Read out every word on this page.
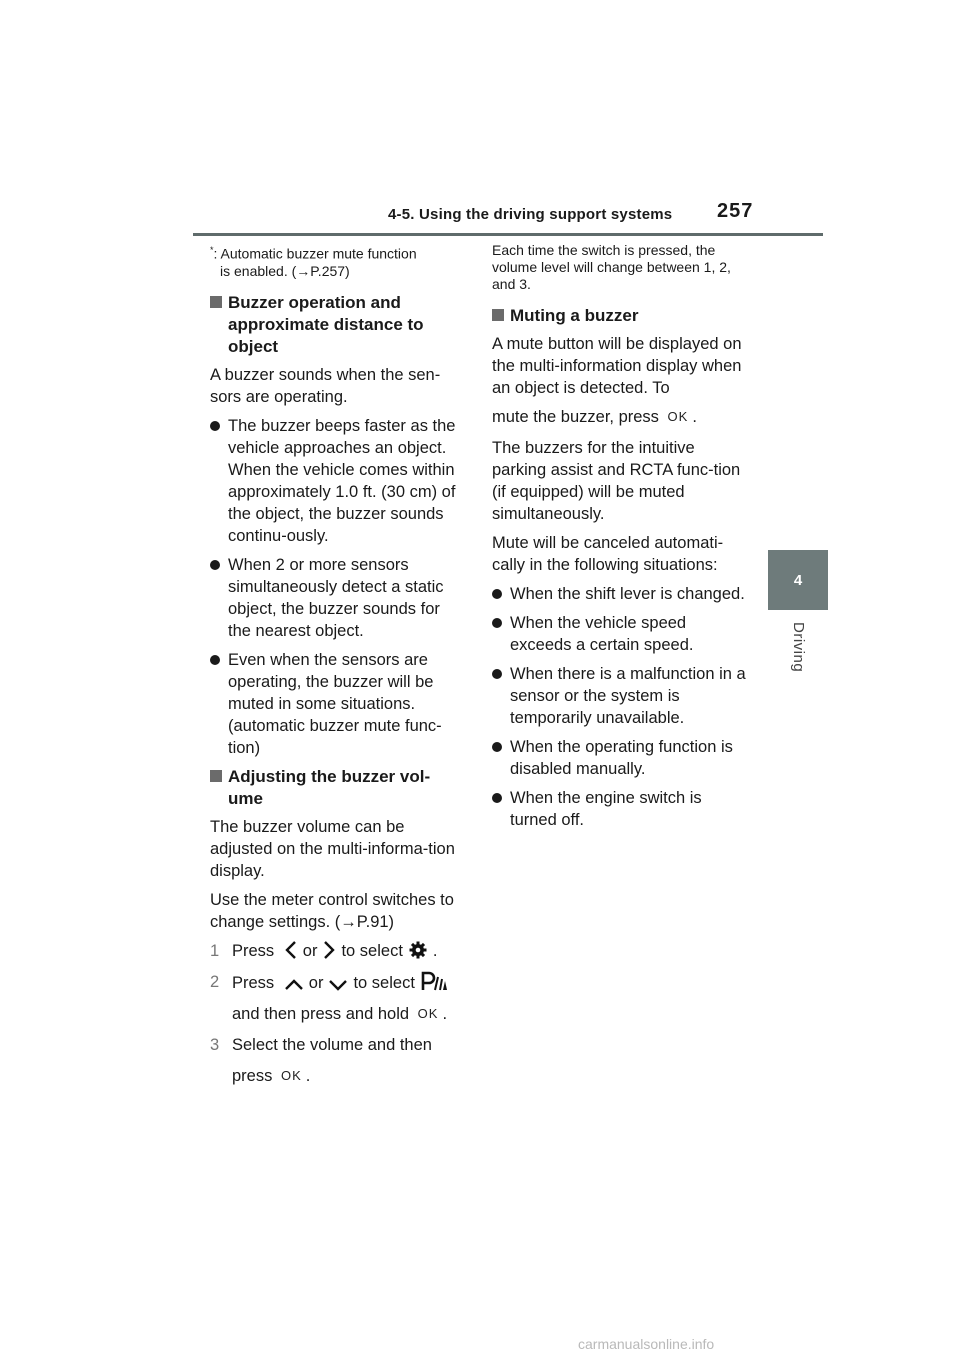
4-5. Using the driving support systems 257
4
Driving
*: Automatic buzzer mute function
is enabled. (→P.257)
Buzzer operation and approximate distance to object
A buzzer sounds when the sen-sors are operating.
The buzzer beeps faster as the vehicle approaches an object. When the vehicle comes within approximately 1.0 ft. (30 cm) of the object, the buzzer sounds continu-ously.
When 2 or more sensors simultaneously detect a static object, the buzzer sounds for the nearest object.
Even when the sensors are operating, the buzzer will be muted in some situations. (automatic buzzer mute func-tion)
Adjusting the buzzer vol-ume
The buzzer volume can be adjusted on the multi-informa-tion display.
Use the meter control switches to change settings. (→P.91)
1 Press or to select .
2 Press or to select
and then press and hold OK .
3 Select the volume and then
press OK .
Each time the switch is pressed, the volume level will change between 1, 2, and 3.
Muting a buzzer
A mute button will be displayed on the multi-information display when an object is detected. To
mute the buzzer, press OK .
The buzzers for the intuitive parking assist and RCTA func-tion (if equipped) will be muted simultaneously.
Mute will be canceled automati-cally in the following situations:
When the shift lever is changed.
When the vehicle speed exceeds a certain speed.
When there is a malfunction in a sensor or the system is temporarily unavailable.
When the operating function is disabled manually.
When the engine switch is turned off.
carmanualsonline.info
